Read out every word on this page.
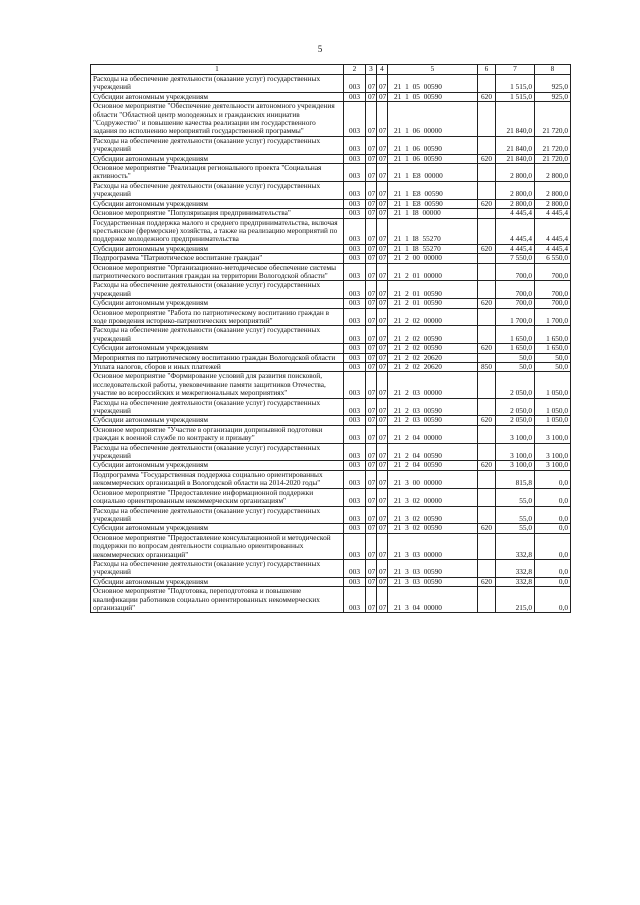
5
1	2	3	4	5	6	7	8
Расходы на обеспечение деятельности (оказание услуг) государственных учреждений	003	07	07	21 1 05 00590		1 515,0	925,0
Субсидии автономным учреждениям	003	07	07	21 1 05 00590	620	1 515,0	925,0
Основное мероприятие "Обеспечение деятельности автономного учреждения области "Областной центр молодежных и гражданских инициатив "Содружество" и повышение качества реализации им государственного задания по исполнению мероприятий государственной программы"	003	07	07	21 1 06 00000		21 840,0	21 720,0
Расходы на обеспечение деятельности (оказание услуг) государственных учреждений	003	07	07	21 1 06 00590		21 840,0	21 720,0
Субсидии автономным учреждениям	003	07	07	21 1 06 00590	620	21 840,0	21 720,0
Основное мероприятие "Реализация регионального проекта "Социальная активность"	003	07	07	21 1 E8 00000		2 800,0	2 800,0
Расходы на обеспечение деятельности (оказание услуг) государственных учреждений	003	07	07	21 1 E8 00590		2 800,0	2 800,0
Субсидии автономным учреждениям	003	07	07	21 1 E8 00590	620	2 800,0	2 800,0
Основное мероприятие "Популяризация предпринимательства"	003	07	07	21 1 I8 00000		4 445,4	4 445,4
Государственная поддержка малого и среднего предпринимательства, включая крестьянские (фермерские) хозяйства, а также на реализацию мероприятий по поддержке молодежного предпринимательства	003	07	07	21 1 I8 55270		4 445,4	4 445,4
Субсидии автономным учреждениям	003	07	07	21 1 I8 55270	620	4 445,4	4 445,4
Подпрограмма "Патриотическое воспитание граждан"	003	07	07	21 2 00 00000		7 550,0	6 550,0
Основное мероприятие "Организационно-методическое обеспечение системы патриотического воспитания граждан на территории Вологодской области"	003	07	07	21 2 01 00000		700,0	700,0
Расходы на обеспечение деятельности (оказание услуг) государственных учреждений	003	07	07	21 2 01 00590		700,0	700,0
Субсидии автономным учреждениям	003	07	07	21 2 01 00590	620	700,0	700,0
Основное мероприятие "Работа по патриотическому воспитанию граждан в ходе проведения историко-патриотических мероприятий"	003	07	07	21 2 02 00000		1 700,0	1 700,0
Расходы на обеспечение деятельности (оказание услуг) государственных учреждений	003	07	07	21 2 02 00590		1 650,0	1 650,0
Субсидии автономным учреждениям	003	07	07	21 2 02 00590	620	1 650,0	1 650,0
Мероприятия по патриотическому воспитанию граждан Вологодской области	003	07	07	21 2 02 20620		50,0	50,0
Уплата налогов, сборов и иных платежей	003	07	07	21 2 02 20620	850	50,0	50,0
Основное мероприятие "Формирование условий для развития поисковой, исследовательской работы, увековечивание памяти защитников Отечества, участие во всероссийских и межрегиональных мероприятиях"	003	07	07	21 2 03 00000		2 050,0	1 050,0
Расходы на обеспечение деятельности (оказание услуг) государственных учреждений	003	07	07	21 2 03 00590		2 050,0	1 050,0
Субсидии автономным учреждениям	003	07	07	21 2 03 00590	620	2 050,0	1 050,0
Основное мероприятие "Участие в организации допризывной подготовки граждан к военной службе по контракту и призыву"	003	07	07	21 2 04 00000		3 100,0	3 100,0
Расходы на обеспечение деятельности (оказание услуг) государственных учреждений	003	07	07	21 2 04 00590		3 100,0	3 100,0
Субсидии автономным учреждениям	003	07	07	21 2 04 00590	620	3 100,0	3 100,0
Подпрограмма "Государственная поддержка социально ориентированных некоммерческих организаций в Вологодской области на 2014-2020 годы"	003	07	07	21 3 00 00000		815,8	0,0
Основное мероприятие "Предоставление информационной поддержки социально ориентированным некоммерческим организациям"	003	07	07	21 3 02 00000		55,0	0,0
Расходы на обеспечение деятельности (оказание услуг) государственных учреждений	003	07	07	21 3 02 00590		55,0	0,0
Субсидии автономным учреждениям	003	07	07	21 3 02 00590	620	55,0	0,0
Основное мероприятие "Предоставление консультационной и методической поддержки по вопросам деятельности социально ориентированных некоммерческих организаций"	003	07	07	21 3 03 00000		332,8	0,0
Расходы на обеспечение деятельности (оказание услуг) государственных учреждений	003	07	07	21 3 03 00590		332,8	0,0
Субсидии автономным учреждениям	003	07	07	21 3 03 00590	620	332,8	0,0
Основное мероприятие "Подготовка, переподготовка и повышение квалификации работников социально ориентированных некоммерческих организаций"	003	07	07	21 3 04 00000		215,0	0,0
